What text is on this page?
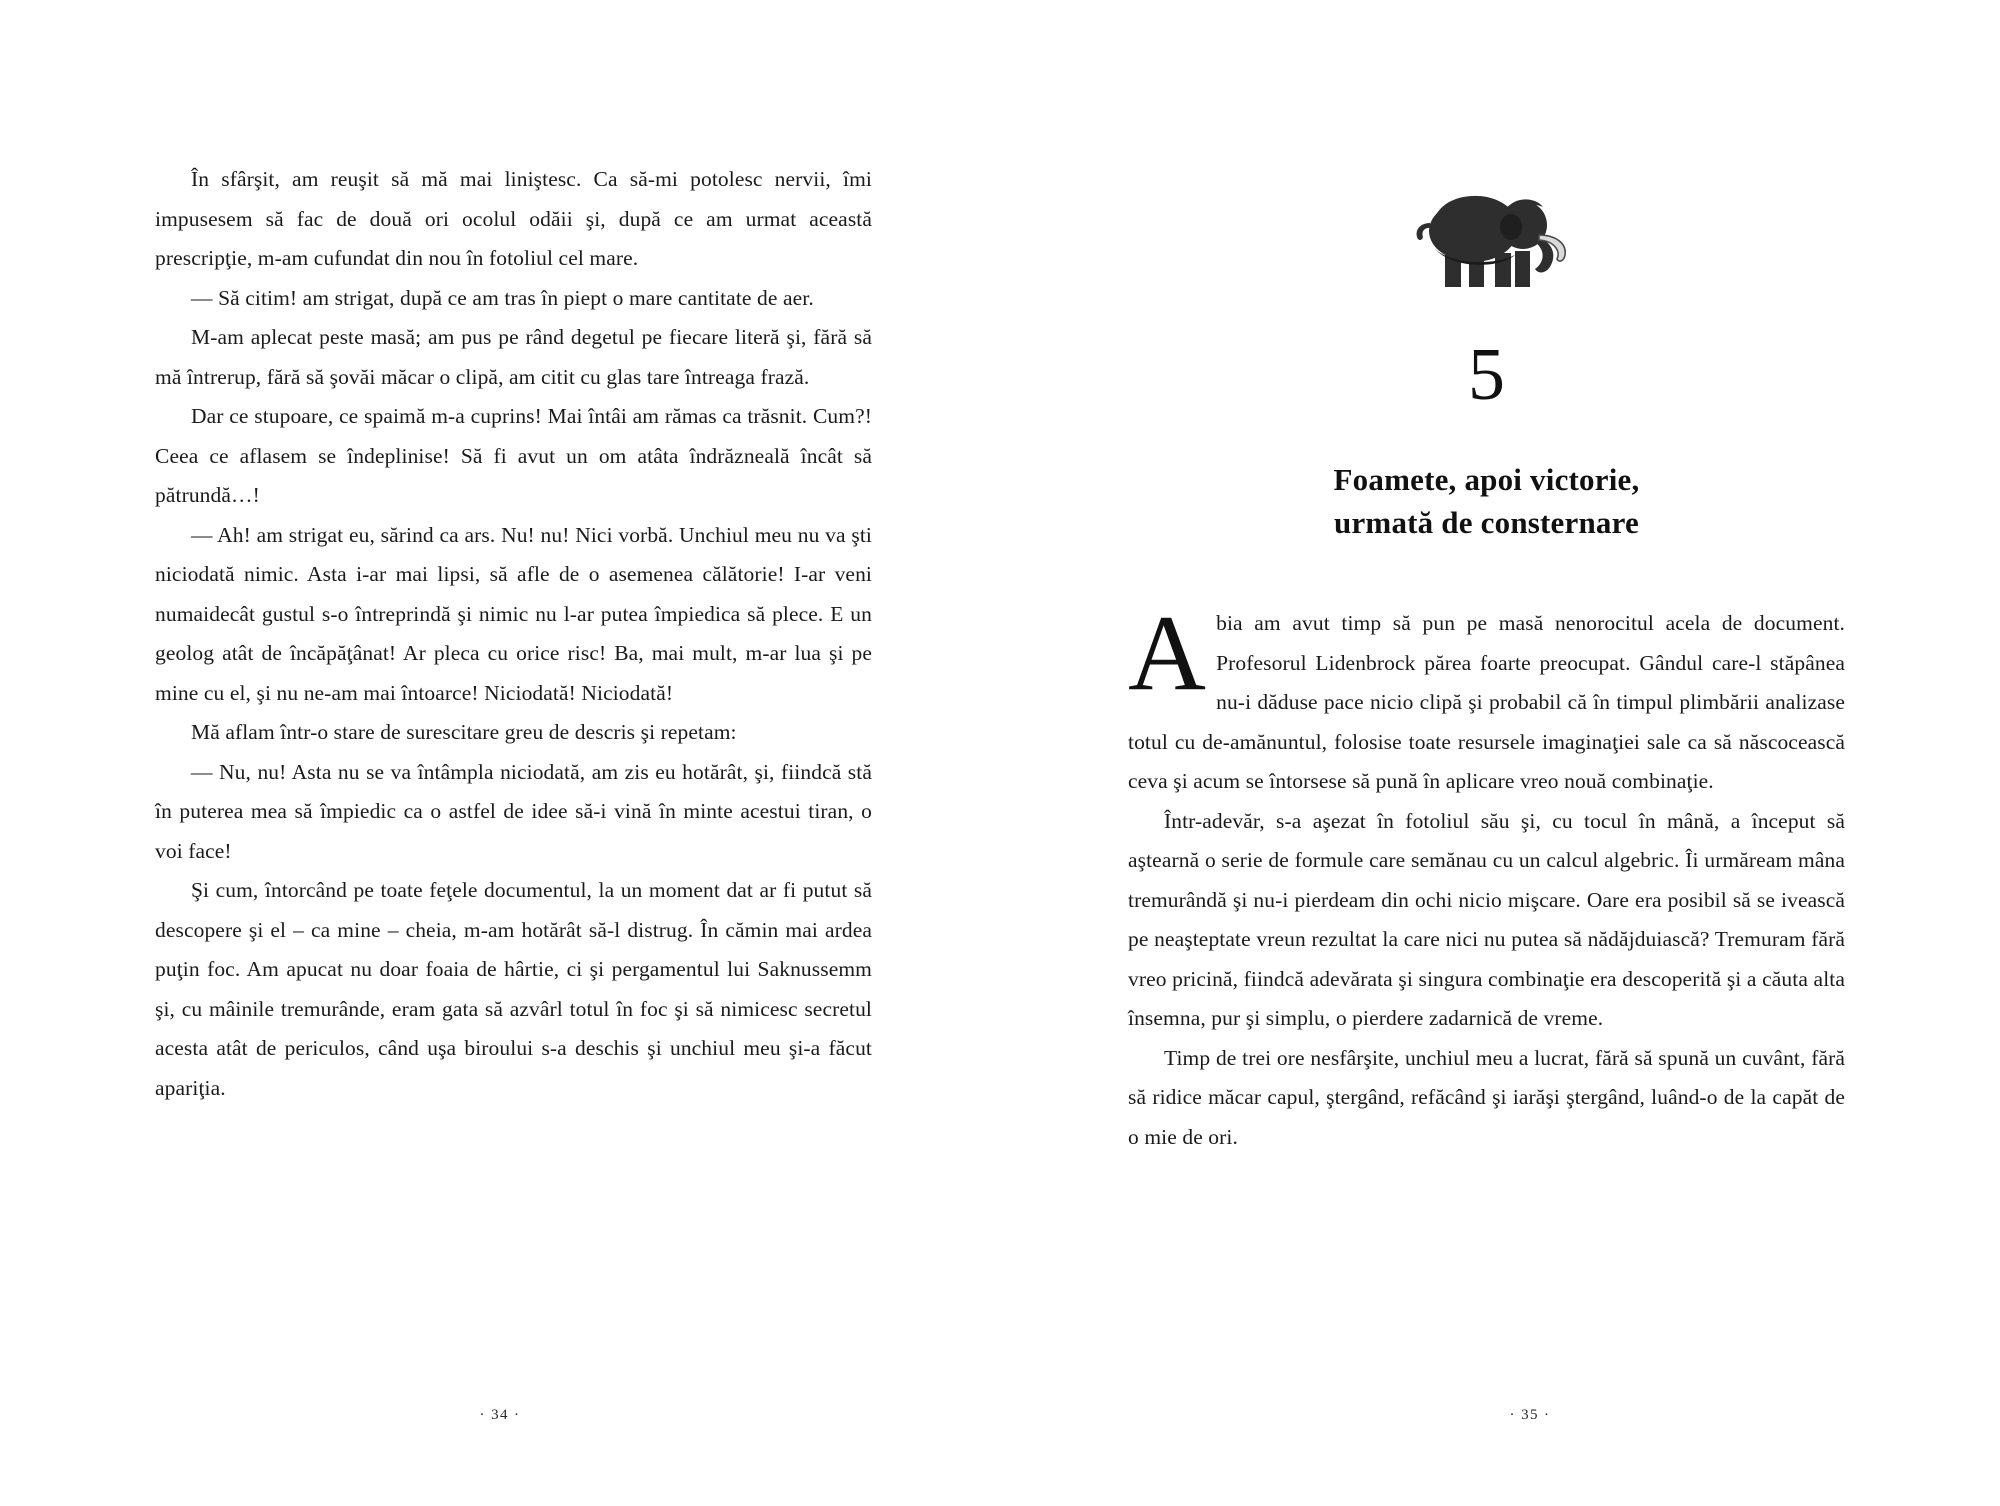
În sfârşit, am reuşit să mă mai liniştesc. Ca să-mi potolesc nervii, îmi impusesem să fac de două ori ocolul odăii şi, după ce am urmat această prescripţie, m-am cufundat din nou în fotoliul cel mare.

— Să citim! am strigat, după ce am tras în piept o mare cantitate de aer.

M-am aplecat peste masă; am pus pe rând degetul pe fiecare literă şi, fără să mă întrerup, fără să şovăi măcar o clipă, am citit cu glas tare întreaga frază.

Dar ce stupoare, ce spaimă m-a cuprins! Mai întâi am rămas ca trăsnit. Cum?! Ceea ce aflasem se îndeplinise! Să fi avut un om atâta îndrăzneală încât să pătrundă…!

— Ah! am strigat eu, sărind ca ars. Nu! nu! Nici vorbă. Unchiul meu nu va şti niciodată nimic. Asta i-ar mai lipsi, să afle de o asemenea călătorie! I-ar veni numaidecât gustul s-o întreprindă şi nimic nu l-ar putea împiedica să plece. E un geolog atât de încăpăţânat! Ar pleca cu orice risc! Ba, mai mult, m-ar lua şi pe mine cu el, şi nu ne-am mai întoarce! Niciodată! Niciodată!

Mă aflam într-o stare de surescitare greu de descris şi repetam:

— Nu, nu! Asta nu se va întâmpla niciodată, am zis eu hotărât, şi, fiindcă stă în puterea mea să împiedic ca o astfel de idee să-i vină în minte acestui tiran, o voi face!

Şi cum, întorcând pe toate feţele documentul, la un moment dat ar fi putut să descopere şi el – ca mine – cheia, m-am hotărât să-l distrug. În cămin mai ardea puţin foc. Am apucat nu doar foaia de hârtie, ci şi pergamentul lui Saknussemm şi, cu mâinile tremurânde, eram gata să azvârl totul în foc şi să nimicesc secretul acesta atât de periculos, când uşa biroului s-a deschis şi unchiul meu şi-a făcut apariţia.

· 34 ·
5
Foamete, apoi victorie,
urmată de consternare

Abia am avut timp să pun pe masă nenorocitul acela de document. Profesorul Lidenbrock părea foarte preocupat. Gândul care-l stăpânea nu-i dăduse pace nicio clipă şi probabil că în timpul plimbării analizase totul cu de-amănuntul, folosise toate resursele imaginaţiei sale ca să născocească ceva şi acum se întorsese să pună în aplicare vreo nouă combinaţie.

Într-adevăr, s-a aşezat în fotoliul său şi, cu tocul în mână, a început să aştearnă o serie de formule care semănau cu un calcul algebric. Îi urmăream mâna tremurândă şi nu-i pierdeam din ochi nicio mişcare. Oare era posibil să se ivească pe neaşteptate vreun rezultat la care nici nu putea să nădăjduiască? Tremuram fără vreo pricină, fiindcă adevărata şi singura combinaţie era descoperită şi a căuta alta însemna, pur şi simplu, o pierdere zadarnică de vreme.

Timp de trei ore nesfârşite, unchiul meu a lucrat, fără să spună un cuvânt, fără să ridice măcar capul, ştergând, refăcând şi iarăşi ştergând, luând-o de la capăt de o mie de ori.

· 35 ·
